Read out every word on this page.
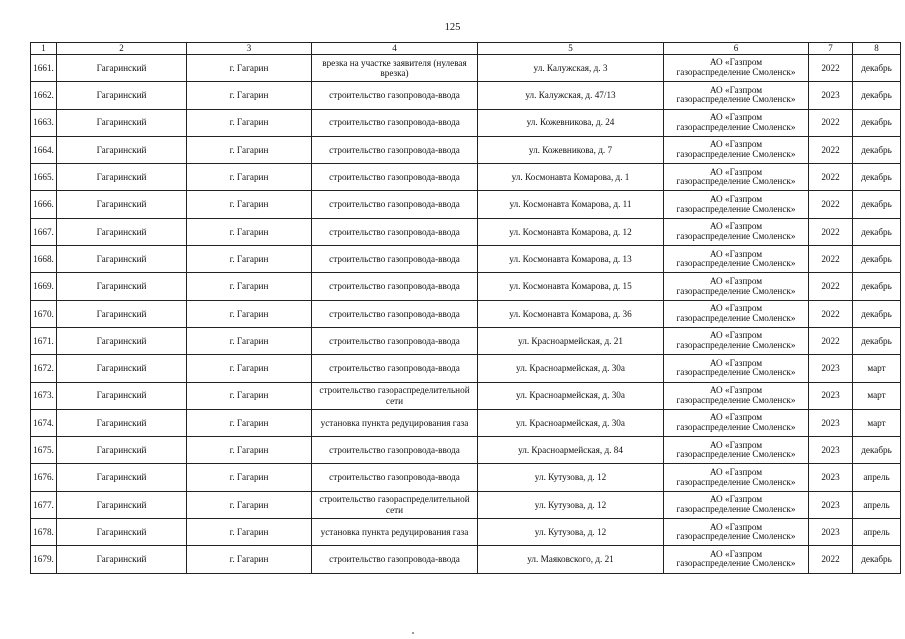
125
1	2	3	4	5	6	7	8
1661.	Гагаринский	г. Гагарин	врезка на участке заявителя (нулевая врезка)	ул. Калужская, д. 3	АО «Газпром
газораспределение Смоленск»	2022	декабрь
1662.	Гагаринский	г. Гагарин	строительство газопровода-ввода	ул. Калужская, д. 47/13	АО «Газпром
газораспределение Смоленск»	2023	декабрь
1663.	Гагаринский	г. Гагарин	строительство газопровода-ввода	ул. Кожевникова, д. 24	АО «Газпром
газораспределение Смоленск»	2022	декабрь
1664.	Гагаринский	г. Гагарин	строительство газопровода-ввода	ул. Кожевникова, д. 7	АО «Газпром
газораспределение Смоленск»	2022	декабрь
1665.	Гагаринский	г. Гагарин	строительство газопровода-ввода	ул. Космонавта Комарова, д. 1	АО «Газпром
газораспределение Смоленск»	2022	декабрь
1666.	Гагаринский	г. Гагарин	строительство газопровода-ввода	ул. Космонавта Комарова, д. 11	АО «Газпром
газораспределение Смоленск»	2022	декабрь
1667.	Гагаринский	г. Гагарин	строительство газопровода-ввода	ул. Космонавта Комарова, д. 12	АО «Газпром
газораспределение Смоленск»	2022	декабрь
1668.	Гагаринский	г. Гагарин	строительство газопровода-ввода	ул. Космонавта Комарова, д. 13	АО «Газпром
газораспределение Смоленск»	2022	декабрь
1669.	Гагаринский	г. Гагарин	строительство газопровода-ввода	ул. Космонавта Комарова, д. 15	АО «Газпром
газораспределение Смоленск»	2022	декабрь
1670.	Гагаринский	г. Гагарин	строительство газопровода-ввода	ул. Космонавта Комарова, д. 36	АО «Газпром
газораспределение Смоленск»	2022	декабрь
1671.	Гагаринский	г. Гагарин	строительство газопровода-ввода	ул. Красноармейская, д. 21	АО «Газпром
газораспределение Смоленск»	2022	декабрь
1672.	Гагаринский	г. Гагарин	строительство газопровода-ввода	ул. Красноармейская, д. 30а	АО «Газпром
газораспределение Смоленск»	2023	март
1673.	Гагаринский	г. Гагарин	строительство газораспределительной сети	ул. Красноармейская, д. 30а	АО «Газпром
газораспределение Смоленск»	2023	март
1674.	Гагаринский	г. Гагарин	установка пункта редуцирования газа	ул. Красноармейская, д. 30а	АО «Газпром
газораспределение Смоленск»	2023	март
1675.	Гагаринский	г. Гагарин	строительство газопровода-ввода	ул. Красноармейская, д. 84	АО «Газпром
газораспределение Смоленск»	2023	декабрь
1676.	Гагаринский	г. Гагарин	строительство газопровода-ввода	ул. Кутузова, д. 12	АО «Газпром
газораспределение Смоленск»	2023	апрель
1677.	Гагаринский	г. Гагарин	строительство газораспределительной сети	ул. Кутузова, д. 12	АО «Газпром
газораспределение Смоленск»	2023	апрель
1678.	Гагаринский	г. Гагарин	установка пункта редуцирования газа	ул. Кутузова, д. 12	АО «Газпром
газораспределение Смоленск»	2023	апрель
1679.	Гагаринский	г. Гагарин	строительство газопровода-ввода	ул. Маяковского, д. 21	АО «Газпром
газораспределение Смоленск»	2022	декабрь
